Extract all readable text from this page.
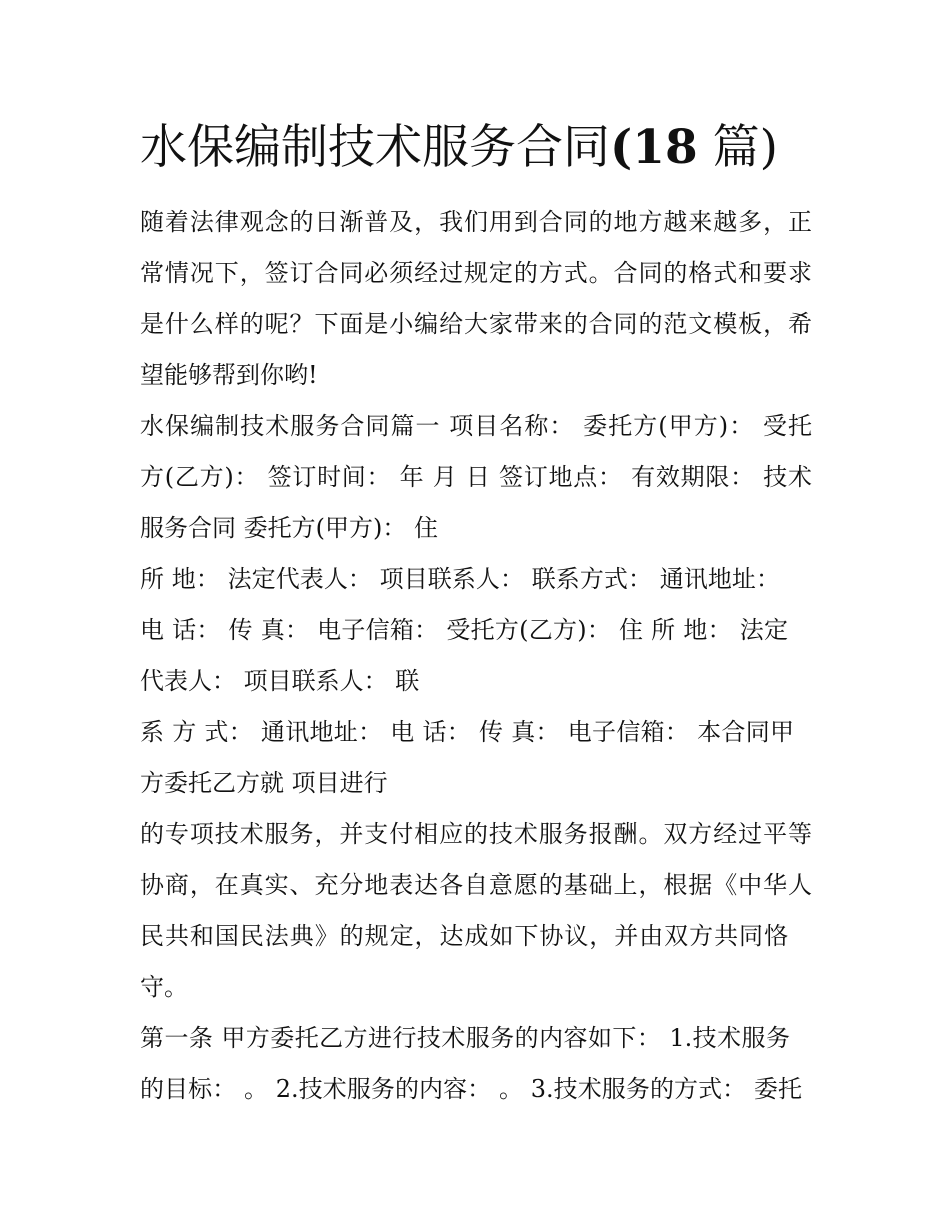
水保编制技术服务合同(18 篇)

随着法律观念的日渐普及，我们用到合同的地方越来越多，正

常情况下，签订合同必须经过规定的方式。合同的格式和要求

是什么样的呢？下面是小编给大家带来的合同的范文模板，希

望能够帮到你哟!

水保编制技术服务合同篇一 项目名称： 委托方(甲方)： 受托

方(乙方)： 签订时间： 年 月 日 签订地点： 有效期限： 技术

服务合同 委托方(甲方)： 住

所 地： 法定代表人： 项目联系人： 联系方式： 通讯地址：

电 话： 传 真： 电子信箱： 受托方(乙方)： 住 所 地： 法定

代表人： 项目联系人： 联

系 方 式： 通讯地址： 电 话： 传 真： 电子信箱： 本合同甲

方委托乙方就 项目进行

的专项技术服务，并支付相应的技术服务报酬。双方经过平等

协商，在真实、充分地表达各自意愿的基础上，根据《中华人

民共和国民法典》的规定，达成如下协议，并由双方共同恪

守。

第一条 甲方委托乙方进行技术服务的内容如下： 1.技术服务

的目标： 。 2.技术服务的内容： 。 3.技术服务的方式： 委托
